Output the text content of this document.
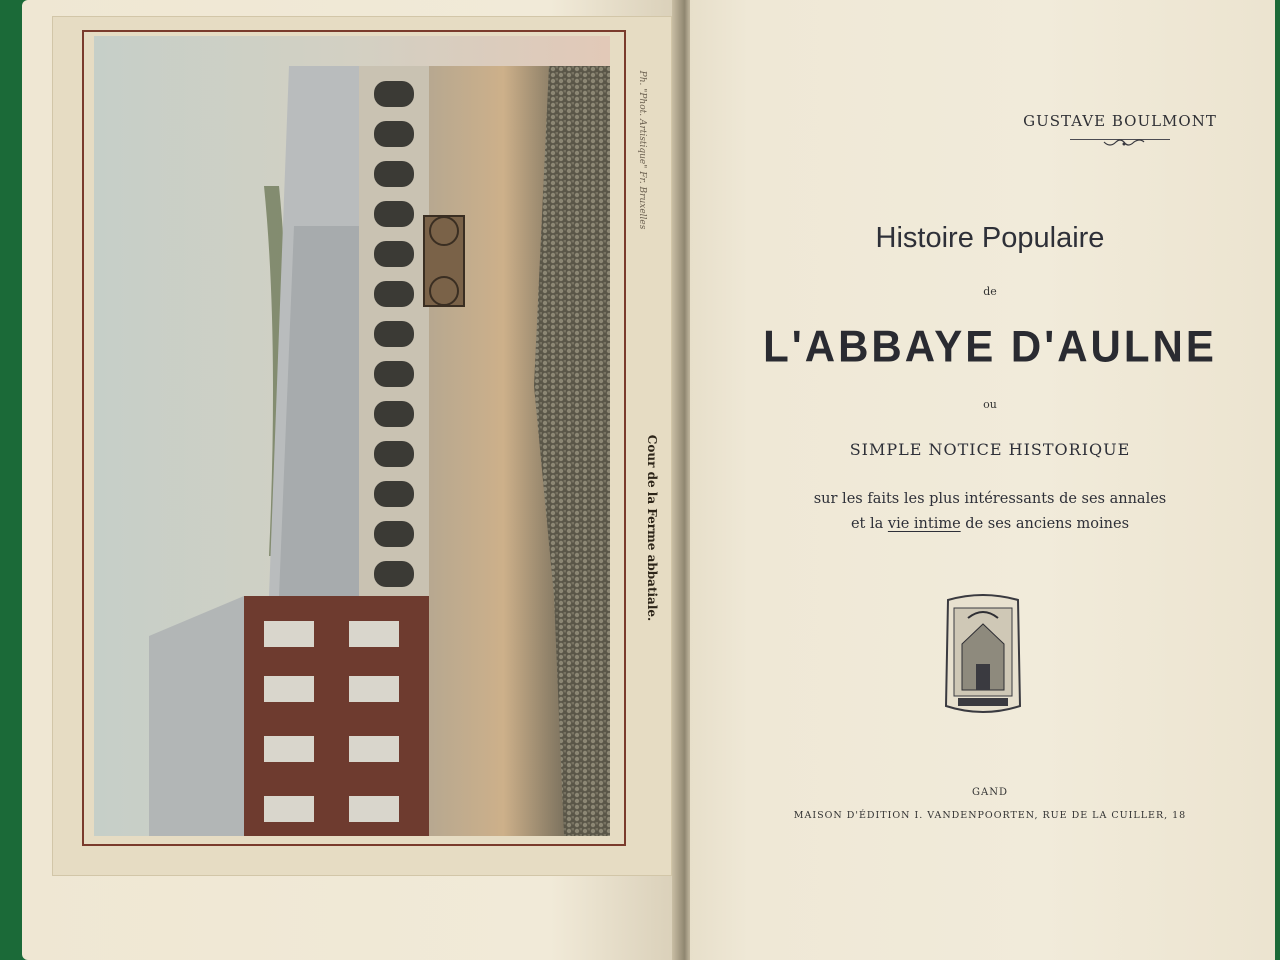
Ph. "Phot. Artistique" Fr. Bruxelles
Cour de la Ferme abbatiale.
GUSTAVE BOULMONT
Histoire Populaire
de
L'ABBAYE D'AULNE
ou
SIMPLE NOTICE HISTORIQUE
sur les faits les plus intéressants de ses annales
et la vie intime de ses anciens moines
GAND
MAISON D'ÉDITION I. VANDENPOORTEN, RUE DE LA CUILLER, 18
